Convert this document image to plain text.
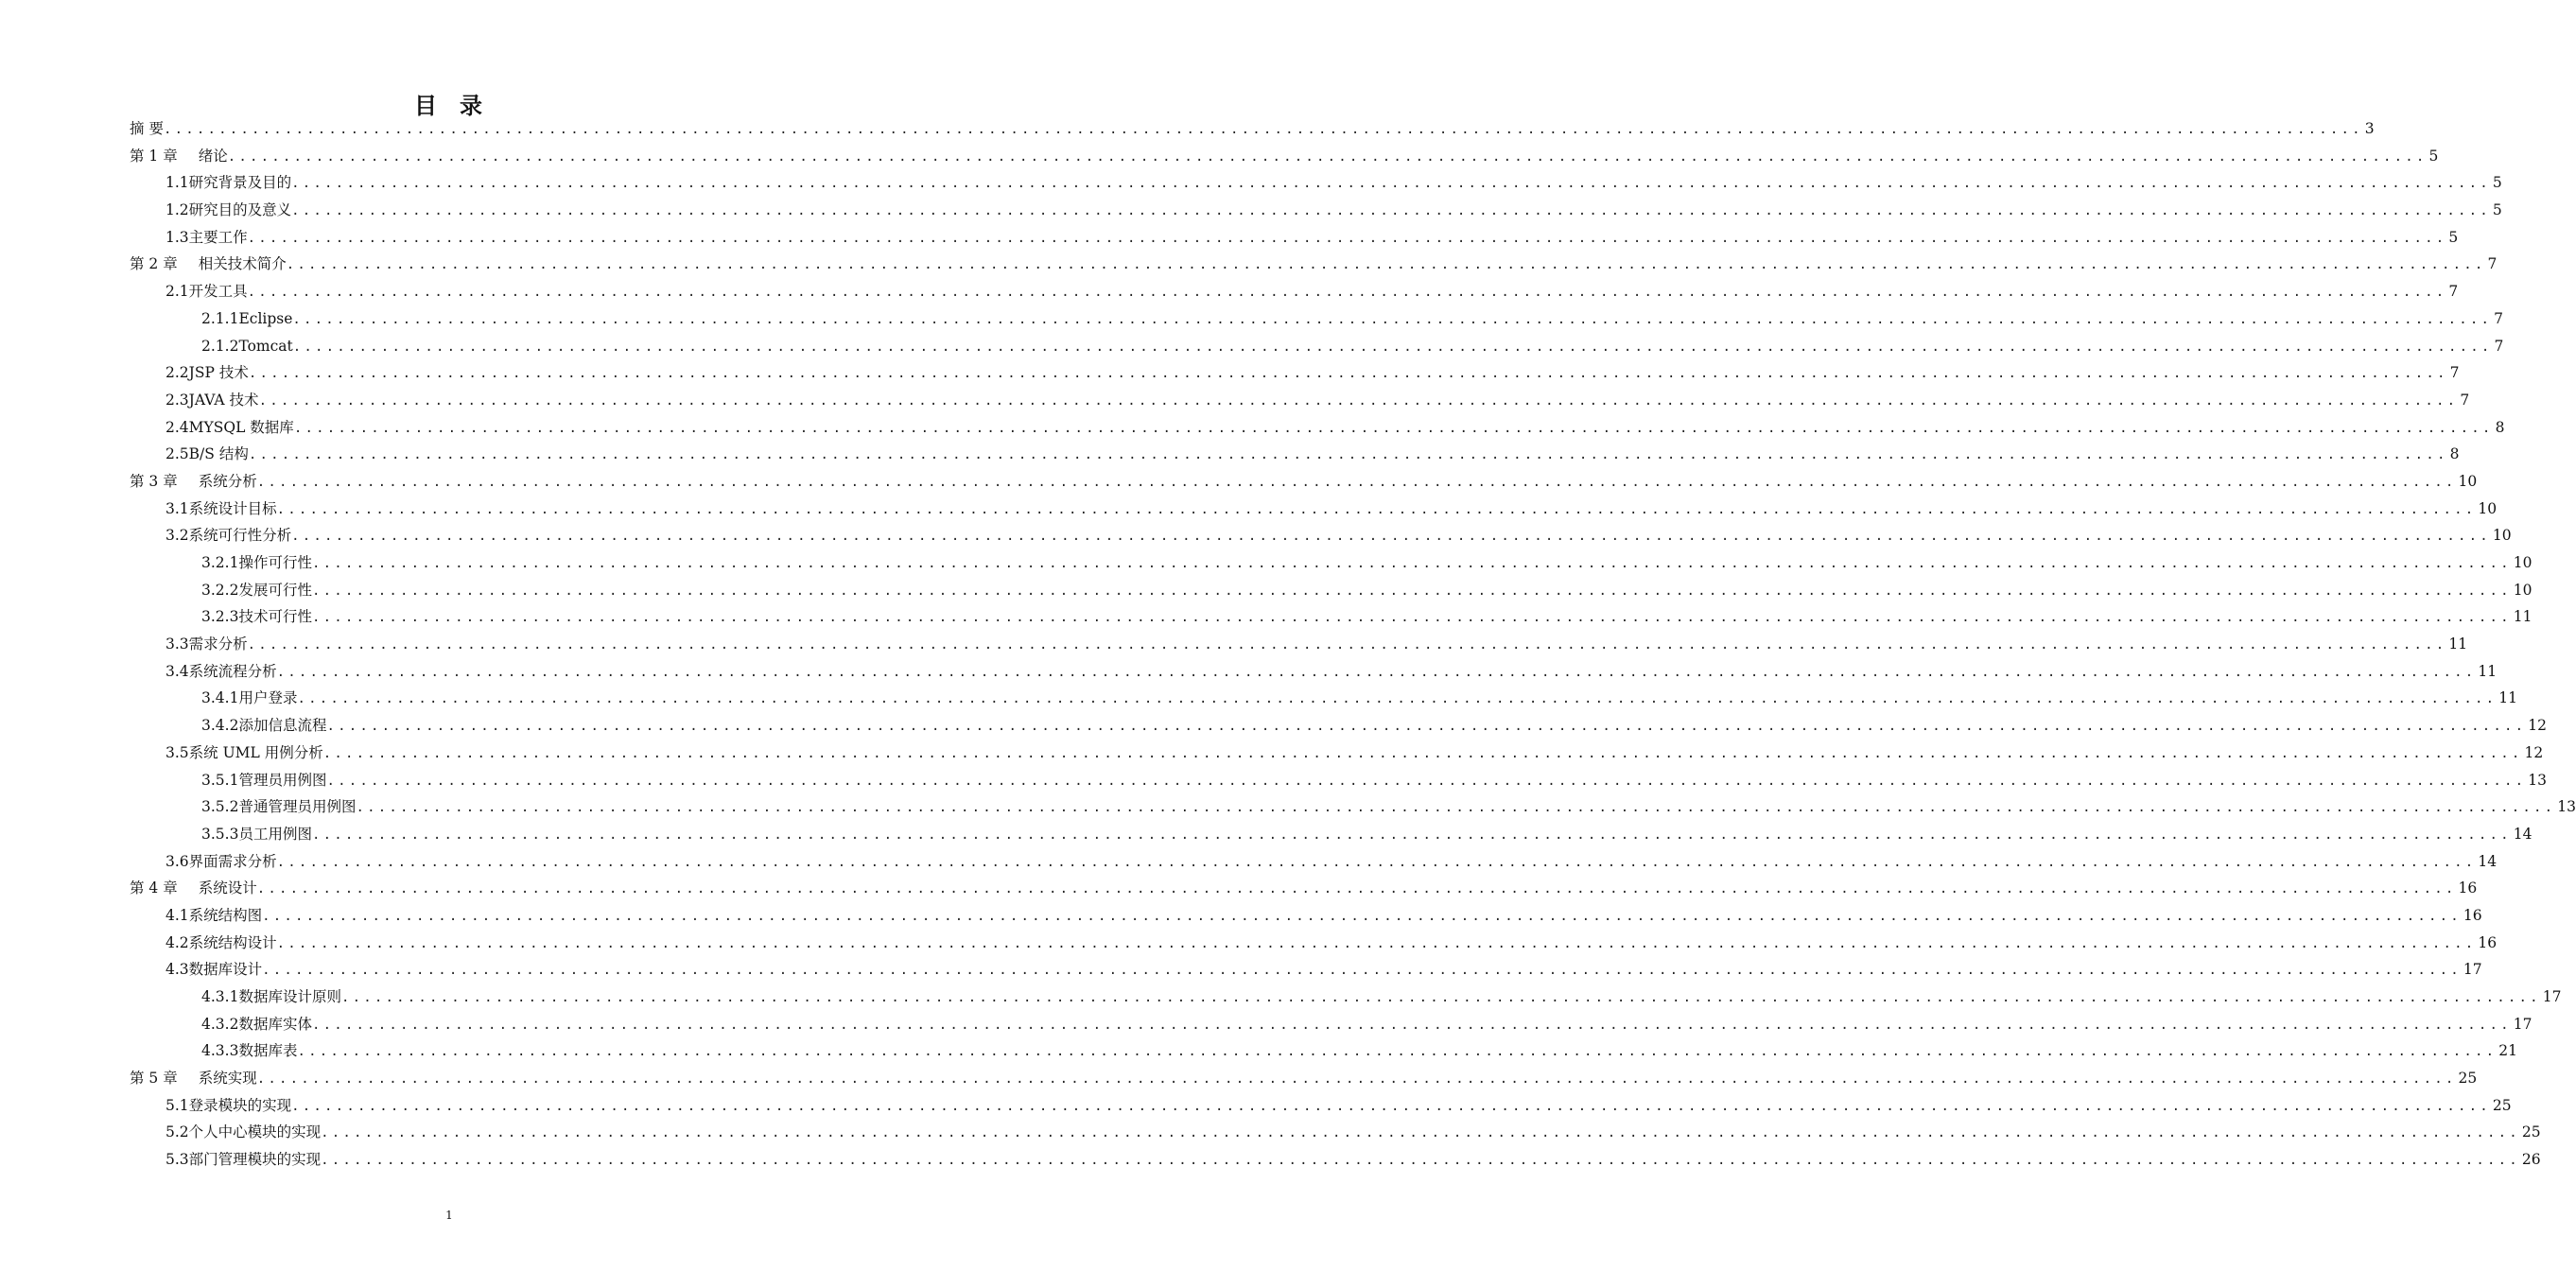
目 录
摘 要 ........................................................................................................................................................................................................ 3
第 1 章 绪论 ........................................................................................................................................................................................................ 5
1.1研究背景及目的 ........................................................................................................................................................................................................ 5
1.2研究目的及意义 ........................................................................................................................................................................................................ 5
1.3主要工作 ........................................................................................................................................................................................................ 5
第 2 章 相关技术简介 ........................................................................................................................................................................................................ 7
2.1开发工具 ........................................................................................................................................................................................................ 7
2.1.1Eclipse ........................................................................................................................................................................................................ 7
2.1.2Tomcat ........................................................................................................................................................................................................ 7
2.2JSP 技术 ........................................................................................................................................................................................................ 7
2.3JAVA 技术 ........................................................................................................................................................................................................ 7
2.4MYSQL 数据库 ........................................................................................................................................................................................................ 8
2.5B/S 结构 ........................................................................................................................................................................................................ 8
第 3 章 系统分析 ........................................................................................................................................................................................................ 10
3.1系统设计目标 ........................................................................................................................................................................................................ 10
3.2系统可行性分析 ........................................................................................................................................................................................................ 10
3.2.1操作可行性 ........................................................................................................................................................................................................ 10
3.2.2发展可行性 ........................................................................................................................................................................................................ 10
3.2.3技术可行性 ........................................................................................................................................................................................................ 11
3.3需求分析 ........................................................................................................................................................................................................ 11
3.4系统流程分析 ........................................................................................................................................................................................................ 11
3.4.1用户登录 ........................................................................................................................................................................................................ 11
3.4.2添加信息流程 ........................................................................................................................................................................................................ 12
3.5系统 UML 用例分析 ........................................................................................................................................................................................................ 12
3.5.1管理员用例图 ........................................................................................................................................................................................................ 13
3.5.2普通管理员用例图 ........................................................................................................................................................................................................ 13
3.5.3员工用例图 ........................................................................................................................................................................................................ 14
3.6界面需求分析 ........................................................................................................................................................................................................ 14
第 4 章 系统设计 ........................................................................................................................................................................................................ 16
4.1系统结构图 ........................................................................................................................................................................................................ 16
4.2系统结构设计 ........................................................................................................................................................................................................ 16
4.3数据库设计 ........................................................................................................................................................................................................ 17
4.3.1数据库设计原则 ........................................................................................................................................................................................................ 17
4.3.2数据库实体 ........................................................................................................................................................................................................ 17
4.3.3数据库表 ........................................................................................................................................................................................................ 21
第 5 章 系统实现 ........................................................................................................................................................................................................ 25
5.1登录模块的实现 ........................................................................................................................................................................................................ 25
5.2个人中心模块的实现 ........................................................................................................................................................................................................ 25
5.3部门管理模块的实现 ........................................................................................................................................................................................................ 26
1
